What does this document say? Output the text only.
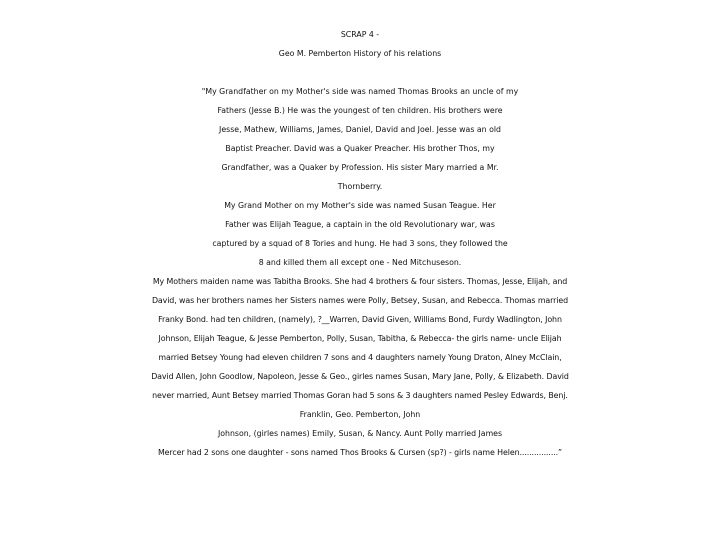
SCRAP 4 -
Geo M. Pemberton History of his relations
"My Grandfather on my Mother's side was named Thomas Brooks an uncle of my
Fathers (Jesse B.) He was the youngest of ten children. His brothers were
Jesse, Mathew, Williams, James, Daniel, David and Joel. Jesse was an old
Baptist Preacher. David was a Quaker Preacher. His brother Thos, my
Grandfather, was a Quaker by Profession. His sister Mary married a Mr.
Thornberry.
My Grand Mother on my Mother's side was named Susan Teague. Her
Father was Elijah Teague, a captain in the old Revolutionary war, was
captured by a squad of 8 Tories and hung. He had 3 sons, they followed the
8 and killed them all except one - Ned Mitchuseson.
My Mothers maiden name was Tabitha Brooks. She had 4 brothers & four sisters. Thomas, Jesse, Elijah, and
David, was her brothers names her Sisters names were Polly, Betsey, Susan, and Rebecca. Thomas married
Franky Bond. had ten children, (namely), ?__Warren, David Given, Williams Bond, Furdy Wadlington, John
Johnson, Elijah Teague, & Jesse Pemberton, Polly, Susan, Tabitha, & Rebecca- the girls name- uncle Elijah
married Betsey Young had eleven children 7 sons and 4 daughters namely Young Draton, Alney McClain,
David Allen, John Goodlow, Napoleon, Jesse & Geo., girles names Susan, Mary Jane, Polly, & Elizabeth. David
never married, Aunt Betsey married Thomas Goran had 5 sons & 3 daughters named Pesley Edwards, Benj.
Franklin, Geo. Pemberton, John
Johnson, (girles names) Emily, Susan, & Nancy. Aunt Polly married James
Mercer had 2 sons one daughter - sons named Thos Brooks & Cursen (sp?) - girls name Helen................”
